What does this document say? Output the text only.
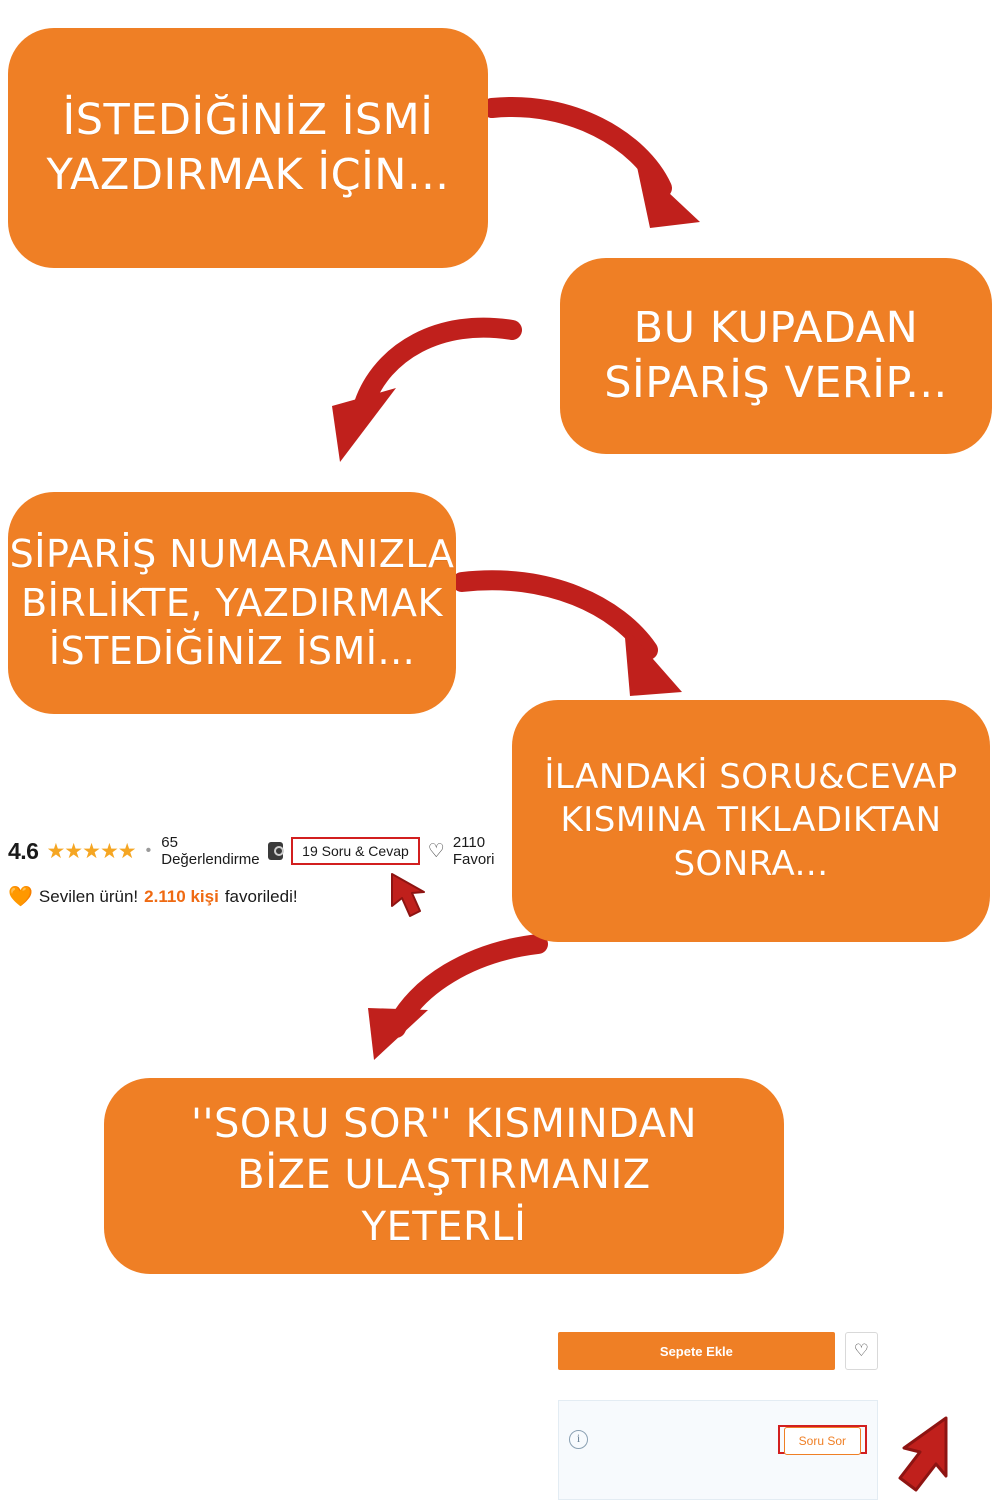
İSTEDİĞİNİZ İSMİ
YAZDIRMAK İÇİN...
BU KUPADAN
SİPARİŞ VERİP...
SİPARİŞ NUMARANIZLA
BİRLİKTE, YAZDIRMAK
İSTEDİĞİNİZ İSMİ...
İLANDAKİ SORU&CEVAP
KISMINA TIKLADIKTAN
SONRA...
''SORU SOR'' KISMINDAN
BİZE ULAŞTIRMANIZ
YETERLİ
4.6 ★★★★★ • 65 Değerlendirme	19 Soru & Cevap	♡ 2110 Favori
🧡 Sevilen ürün! 2.110 kişi favoriledi!
Sepete Ekle	♡
i	Soru Sor
